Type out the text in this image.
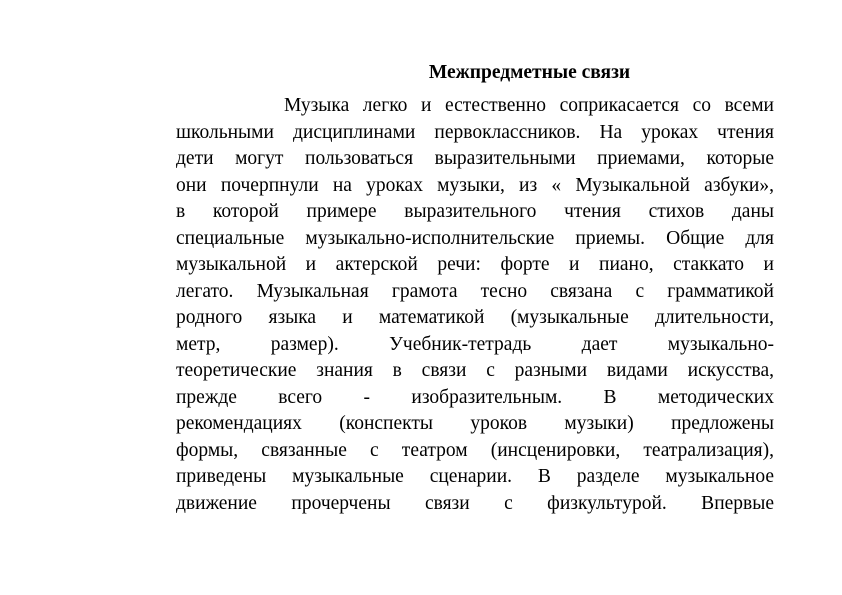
Межпредметные связи
Музыка легко и естественно соприкасается со всеми
школьными дисциплинами первоклассников. На уроках чтения
дети могут пользоваться выразительными приемами, которые
они почерпнули на уроках музыки, из « Музыкальной азбуки»,
в которой примере выразительного чтения стихов даны
специальные музыкально-исполнительские приемы. Общие для
музыкальной и актерской речи: форте и пиано, стаккато и
легато. Музыкальная грамота тесно связана с грамматикой
родного языка и математикой (музыкальные длительности,
метр, размер). Учебник-тетрадь дает музыкально-
теоретические знания в связи с разными видами искусства,
прежде всего - изобразительным. В методических
рекомендациях (конспекты уроков музыки) предложены
формы, связанные с театром (инсценировки, театрализация),
приведены музыкальные сценарии. В разделе музыкальное
движение прочерчены связи с физкультурой. Впервые
